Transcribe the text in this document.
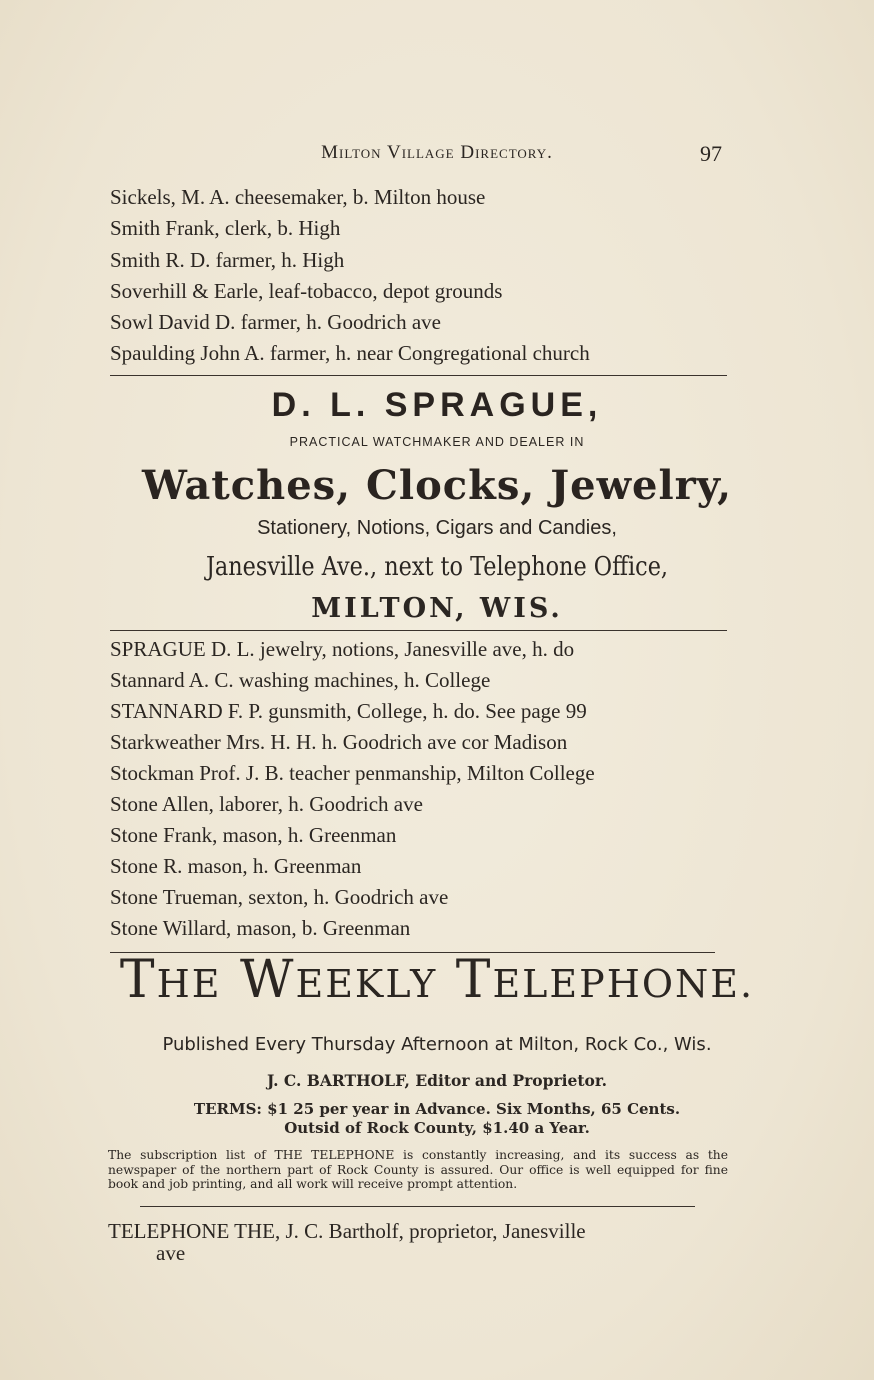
Milton Village Directory.	97
Sickels, M. A. cheesemaker, b. Milton house
Smith Frank, clerk, b. High
Smith R. D. farmer, h. High
Soverhill & Earle, leaf-tobacco, depot grounds
Sowl David D. farmer, h. Goodrich ave
Spaulding John A. farmer, h. near Congregational church
D. L. SPRAGUE,
PRACTICAL WATCHMAKER AND DEALER IN
Watches, Clocks, Jewelry,
Stationery, Notions, Cigars and Candies,
Janesville Ave., next to Telephone Office,
MILTON, WIS.
SPRAGUE D. L. jewelry, notions, Janesville ave, h. do
Stannard A. C. washing machines, h. College
STANNARD F. P. gunsmith, College, h. do. See page 99
Starkweather Mrs. H. H. h. Goodrich ave cor Madison
Stockman Prof. J. B. teacher penmanship, Milton College
Stone Allen, laborer, h. Goodrich ave
Stone Frank, mason, h. Greenman
Stone R. mason, h. Greenman
Stone Trueman, sexton, h. Goodrich ave
Stone Willard, mason, b. Greenman
THE WEEKLY TELEPHONE.
Published Every Thursday Afternoon at Milton, Rock Co., Wis.
J. C. BARTHOLF, Editor and Proprietor.
TERMS: $1 25 per year in Advance. Six Months, 65 Cents.
Outsid of Rock County, $1.40 a Year.
The subscription list of THE TELEPHONE is constantly increasing, and its success as the newspaper of the northern part of Rock County is assured. Our office is well equipped for fine book and job printing, and all work will receive prompt attention.
TELEPHONE THE, J. C. Bartholf, proprietor, Janesville
ave
